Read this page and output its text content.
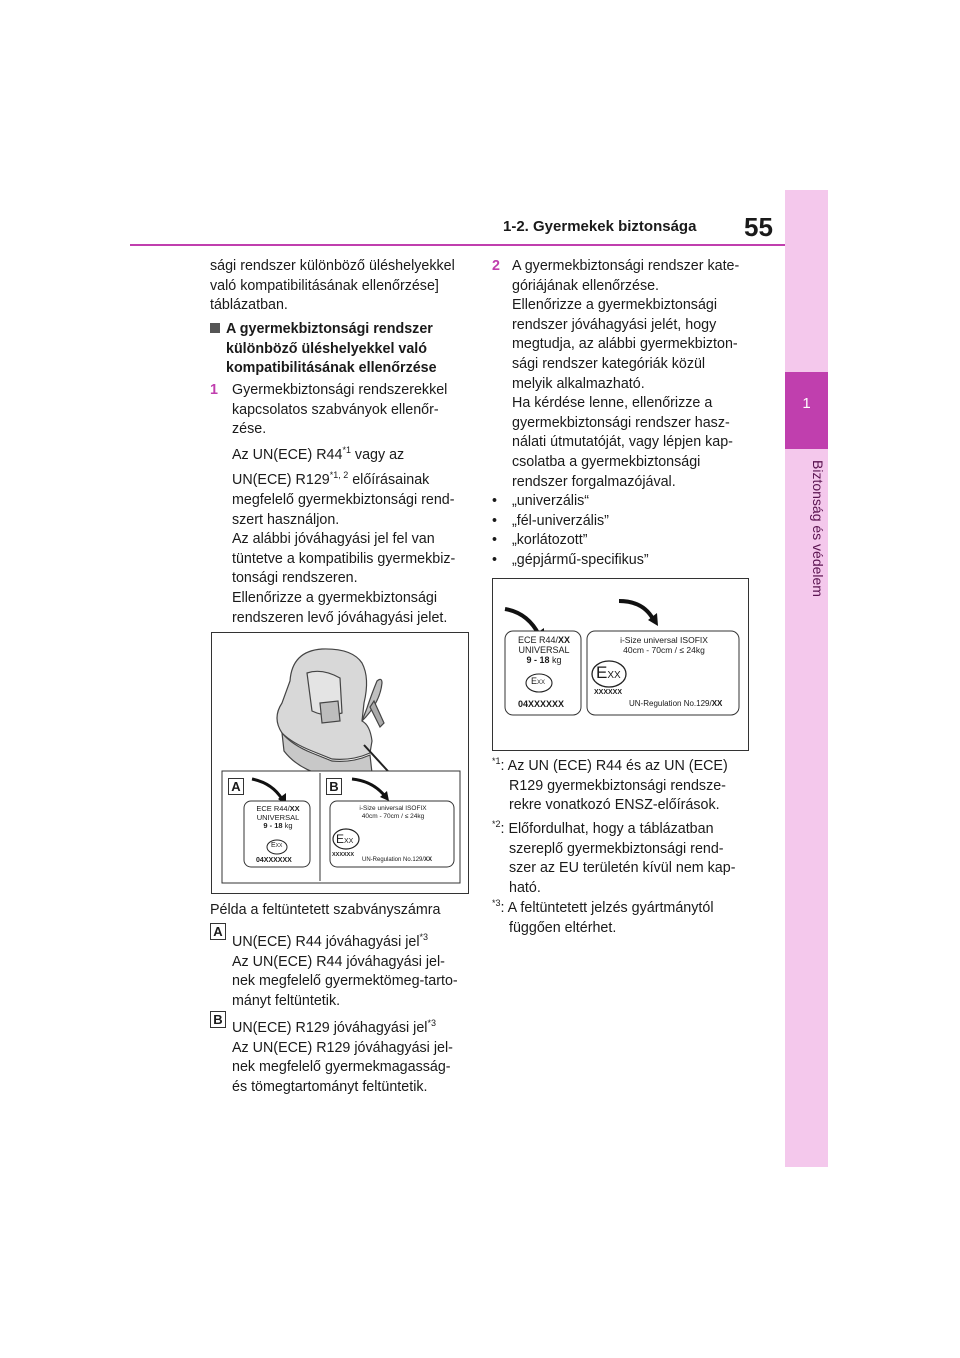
1-2. Gyermekek biztonsága 55
1
Biztonság és védelem
sági rendszer különböző üléshelyekkel
való kompatibilitásának ellenőrzése]
táblázatban.
A gyermekbiztonsági rendszer
különböző üléshelyekkel való
kompatibilitásának ellenőrzése
1 Gyermekbiztonsági rendszerekkel
kapcsolatos szabványok ellenőr-
zése.
Az UN(ECE) R44$^{*1}$ vagy az
UN(ECE) R129$^{*1, 2}$ előírásainak
megfelelő gyermekbiztonsági rend-
szert használjon.
Az alábbi jóváhagyási jel fel van
tüntetve a kompatibilis gyermekbiz-
tonsági rendszeren.
Ellenőrizze a gyermekbiztonsági
rendszeren levő jóváhagyási jelet.
A	B
ECE R44/XX
UNIVERSAL
9 - 18 kg
EXX
04XXXXXX
i-Size universal ISOFIX
40cm - 70cm / ≤ 24kg
EXX
XXXXXX
UN-Regulation No.129/XX
Példa a feltüntetett szabványszámra
A
UN(ECE) R44 jóváhagyási jel$^{*3}$
Az UN(ECE) R44 jóváhagyási jel-
nek megfelelő gyermektömeg-tarto-
mányt feltüntetik.
B
UN(ECE) R129 jóváhagyási jel$^{*3}$
Az UN(ECE) R129 jóváhagyási jel-
nek megfelelő gyermekmagasság-
és tömegtartományt feltüntetik.
2 A gyermekbiztonsági rendszer kate-
góriájának ellenőrzése.
Ellenőrizze a gyermekbiztonsági
rendszer jóváhagyási jelét, hogy
megtudja, az alábbi gyermekbizton-
sági rendszer kategóriák közül
melyik alkalmazható.
Ha kérdése lenne, ellenőrizze a
gyermekbiztonsági rendszer hasz-
nálati útmutatóját, vagy lépjen kap-
csolatba a gyermekbiztonsági
rendszer forgalmazójával.
• „univerzális“
• „fél-univerzális”
• „korlátozott”
• „gépjármű-specifikus”
ECE R44/XX
UNIVERSAL
9 - 18 kg
EXX
04XXXXXX
i-Size universal ISOFIX
40cm - 70cm / ≤ 24kg
EXX
XXXXXX
UN-Regulation No.129/XX
$^{*1}$: Az UN (ECE) R44 és az UN (ECE)
R129 gyermekbiztonsági rendsze-
rekre vonatkozó ENSZ-előírások.
$^{*2}$: Előfordulhat, hogy a táblázatban
szereplő gyermekbiztonsági rend-
szer az EU területén kívül nem kap-
ható.
$^{*3}$: A feltüntetett jelzés gyártmánytól
függően eltérhet.
